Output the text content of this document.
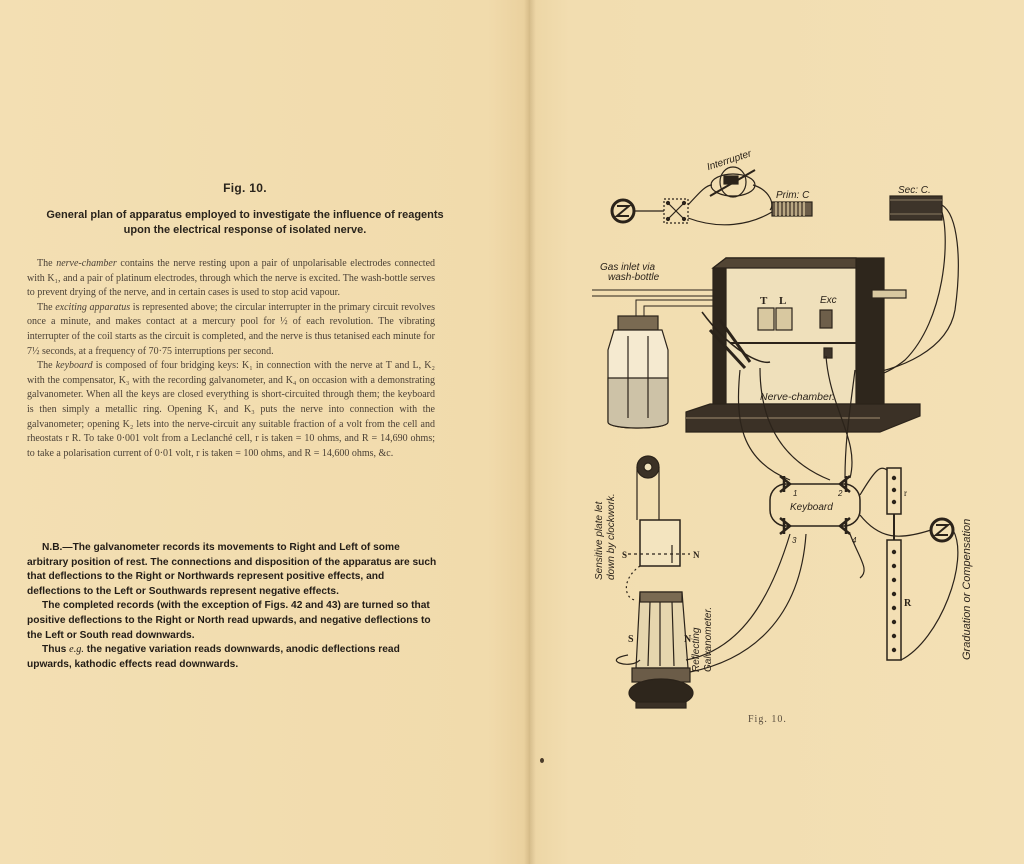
Fig. 10.
General plan of apparatus employed to investigate the influence of reagents upon the electrical response of isolated nerve.

The nerve-chamber contains the nerve resting upon a pair of unpolarisable electrodes connected with K₁, and a pair of platinum electrodes, through which the nerve is excited. The wash-bottle serves to prevent drying of the nerve, and in certain cases is used to stop acid vapour.

The exciting apparatus is represented above; the circular interrupter in the primary circuit revolves once a minute, and makes contact at a mercury pool for ½ of each revolution. The vibrating interrupter of the coil starts as the circuit is completed, and the nerve is thus tetanised each minute for 7½ seconds, at a frequency of 70·75 interruptions per second.

The keyboard is composed of four bridging keys: K₁ in connection with the nerve at T and L, K₂ with the compensator, K₃ with the recording galvanometer, and K₄ on occasion with a demonstrating galvanometer. When all the keys are closed everything is short-circuited through them; the keyboard is then simply a metallic ring. Opening K₁ and K₃ puts the nerve into connection with the galvanometer; opening K₂ lets into the nerve-circuit any suitable fraction of a volt from the cell and rheostats r R. To take 0·001 volt from a Leclanché cell, r is taken = 10 ohms, and R = 14,690 ohms; to take a polarisation current of 0·01 volt, r is taken = 100 ohms, and R = 14,600 ohms, &c.

N.B.—The galvanometer records its movements to Right and Left of some arbitrary position of rest. The connections and disposition of the apparatus are such that deflections to the Right or Northwards represent positive effects, and deflections to the Left or Southwards represent negative effects.

The completed records (with the exception of Figs. 42 and 43) are turned so that positive deflections to the Right or North read upwards, and negative deflections to the Left or South read downwards.

Thus e.g. the negative variation reads downwards, anodic deflections read upwards, kathodic effects read downwards.

Interrupter
Prim: C	Sec: C.
Gas inlet via
wash-bottle
Nerve-chamber.
Exc
Keyboard
1	2
3	4
Sensitive plate let down by clockwork.
Reflecting Galvanometer.	Graduation or Compensation
T L
r
R
S	N
S	N
Fig. 10.
